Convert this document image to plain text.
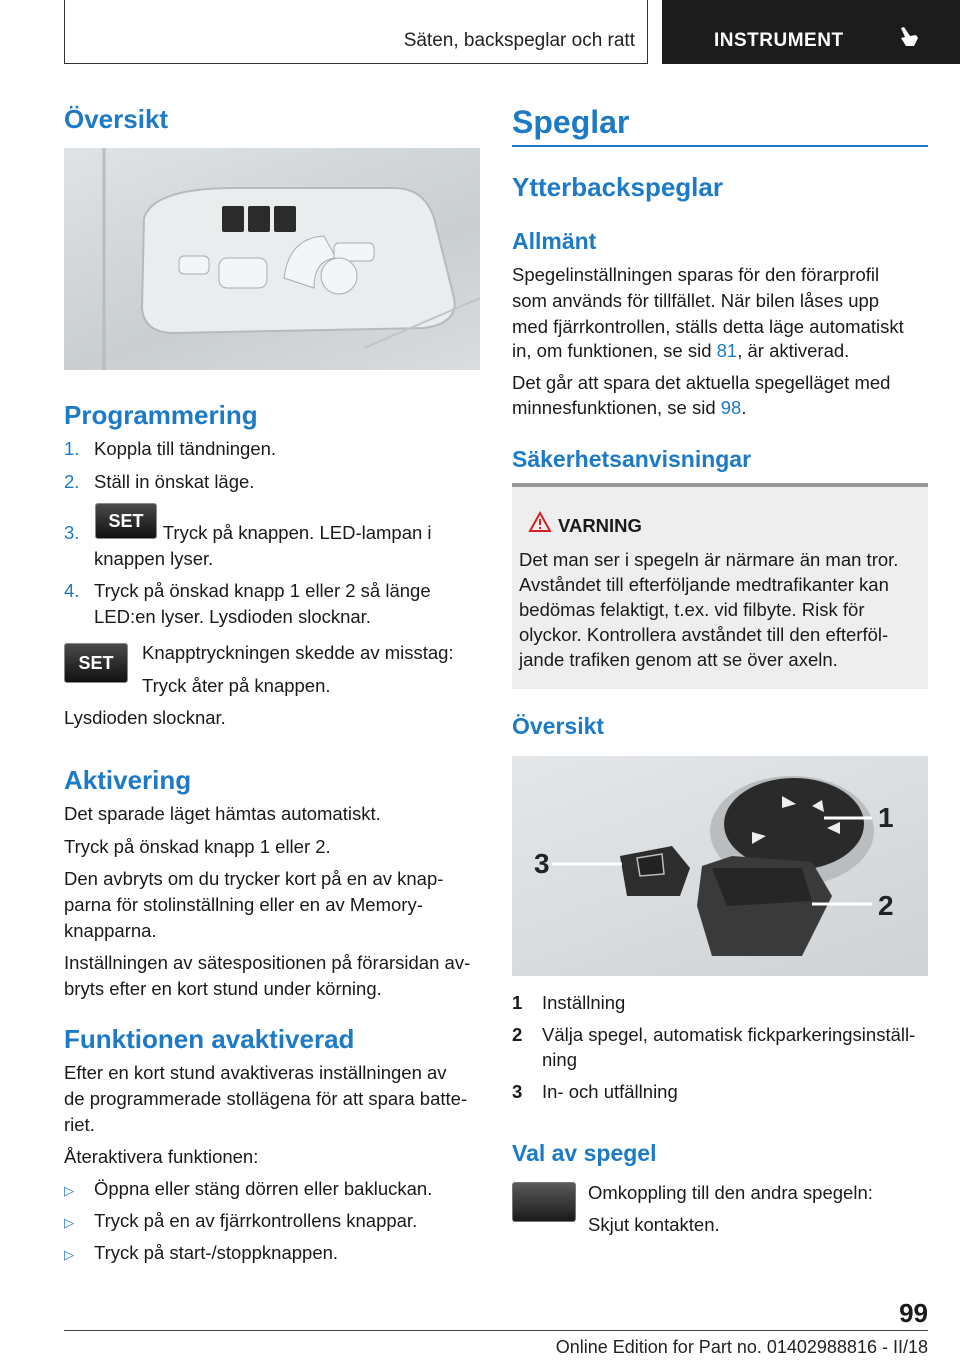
Säten, backspeglar och ratt	INSTRUMENT
Översikt
Programmering
1. Koppla till tändningen.
2. Ställ in önskat läge.
3.	Tryck på knappen. LED-lampan i
SET
knappen lyser.
4. Tryck på önskad knapp 1 eller 2 så länge
LED:en lyser. Lysdioden slocknar.
SET	Knapptryckningen skedde av misstag:
Tryck åter på knappen.
Lysdioden slocknar.
Aktivering
Det sparade läget hämtas automatiskt.
Tryck på önskad knapp 1 eller 2.
Den avbryts om du trycker kort på en av knap-
parna för stolinställning eller en av Memory-
knapparna.
Inställningen av sätespositionen på förarsidan av-
bryts efter en kort stund under körning.
Funktionen avaktiverad
Efter en kort stund avaktiveras inställningen av
de programmerade stollägena för att spara batte-
riet.
Återaktivera funktionen:
▷ Öppna eller stäng dörren eller bakluckan.
▷ Tryck på en av fjärrkontrollens knappar.
▷ Tryck på start-/stoppknappen.
Speglar
Ytterbackspeglar
Allmänt
Spegelinställningen sparas för den förarprofil
som används för tillfället. När bilen låses upp
med fjärrkontrollen, ställs detta läge automatiskt
in, om funktionen, se sid 81, är aktiverad.
Det går att spara det aktuella spegelläget med
minnesfunktionen, se sid 98.
Säkerhetsanvisningar
VARNING
Det man ser i spegeln är närmare än man tror.
Avståndet till efterföljande medtrafikanter kan
bedömas felaktigt, t.ex. vid filbyte. Risk för
olyckor. Kontrollera avståndet till den efterföl-
jande trafiken genom att se över axeln.
Översikt
1
2
3
1 Inställning
2 Välja spegel, automatisk fickparkeringsinställ-
ning
3 In- och utfällning
Val av spegel
Omkoppling till den andra spegeln:
Skjut kontakten.
99
Online Edition for Part no. 01402988816 - II/18
